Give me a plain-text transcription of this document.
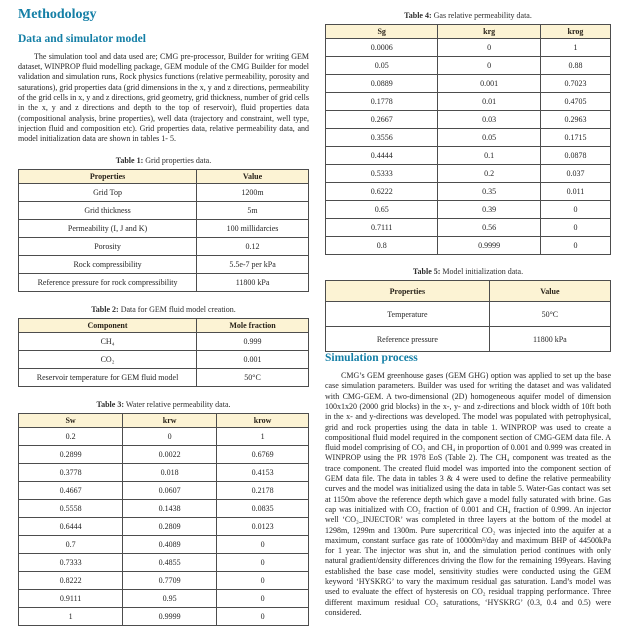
Methodology
Data and simulator model

The simulation tool and data used are; CMG pre-processor, Builder for writing GEM dataset, WINPROP fluid modelling package, GEM module of the CMG Builder for model validation and simulation runs, Rock physics functions (relative permeability, porosity and saturations), grid properties data (grid dimensions in the x, y and z directions, permeability of the grid cells in x, y and z directions, grid geometry, grid thickness, number of grid cells in the x, y and z directions and depth to the top of reservoir), fluid properties data (compositional analysis, brine properties), well data (trajectory and constraint, well type, injection fluid and composition etc). Grid properties data, relative permeability data, and model initialization data are shown in tables 1- 5.

Table 1: Grid properties data.
Properties	Value
Grid Top	1200m
Grid thickness	5m
Permeability (I, J and K)	100 millidarcies
Porosity	0.12
Rock compressibility	5.5e-7 per kPa
Reference pressure for rock compressibility	11800 kPa
Table 2: Data for GEM fluid model creation.
Component	Mole fraction
CH₄	0.999
CO₂	0.001
Reservoir temperature for GEM fluid model	50°C
Table 3: Water relative permeability data.
Sw	krw	krow
0.2	0	1
0.2899	0.0022	0.6769
0.3778	0.018	0.4153
0.4667	0.0607	0.2178
0.5558	0.1438	0.0835
0.6444	0.2809	0.0123
0.7	0.4089	0
0.7333	0.4855	0
0.8222	0.7709	0
0.9111	0.95	0
1	0.9999	0
Table 4: Gas relative permeability data.
Sg	krg	krog
0.0006	0	1
0.05	0	0.88
0.0889	0.001	0.7023
0.1778	0.01	0.4705
0.2667	0.03	0.2963
0.3556	0.05	0.1715
0.4444	0.1	0.0878
0.5333	0.2	0.037
0.6222	0.35	0.011
0.65	0.39	0
0.7111	0.56	0
0.8	0.9999	0
Table 5: Model initialization data.
Properties	Value
Temperature	50°C
Reference pressure	11800 kPa
Simulation process

CMG’s GEM greenhouse gases (GEM GHG) option was applied to set up the base case simulation parameters. Builder was used for writing the dataset and was validated with CMG-GEM. A two-dimensional (2D) homogeneous aquifer model of dimension 100x1x20 (2000 grid blocks) in the x-, y- and z-directions and block width of 10ft both in the x- and y-directions was developed. The model was populated with petrophysical, grid and rock properties using the data in table 1. WINPROP was used to create a compositional fluid model required in the component section of CMG-GEM data file. A fluid model comprising of CO₂ and CH₄ in proportion of 0.001 and 0.999 was created in WINPROP using the PR 1978 EoS (Table 2). The CH₄ component was treated as the trace component. The created fluid model was imported into the component section of GEM data file. The data in tables 3 & 4 were used to define the relative permeability curves and the model was initialized using the data in table 5. Water-Gas contact was set at 1150m above the reference depth which gave a model fully saturated with brine. Gas cap was initialized with CO₂ fraction of 0.001 and CH₄ fraction of 0.999. An injector well ‘CO₂_INJECTOR’ was completed in three layers at the bottom of the model at 1298m, 1299m and 1300m. Pure supercritical CO₂ was injected into the aquifer at a maximum, constant surface gas rate of 10000m³/day and maximum BHP of 44500kPa for 1 year. The injector was shut in, and the simulation period continues with only natural gradient/density differences driving the flow for the remaining 199years. Having established the base case model, sensitivity studies were conducted using the GEM keyword ‘HYSKRG’ to vary the maximum residual gas saturation. Land’s model was used to evaluate the effect of hysteresis on CO₂ residual trapping performance. Three different maximum residual CO₂ saturations, ‘HYSKRG’ (0.3, 0.4 and 0.5) were considered.
